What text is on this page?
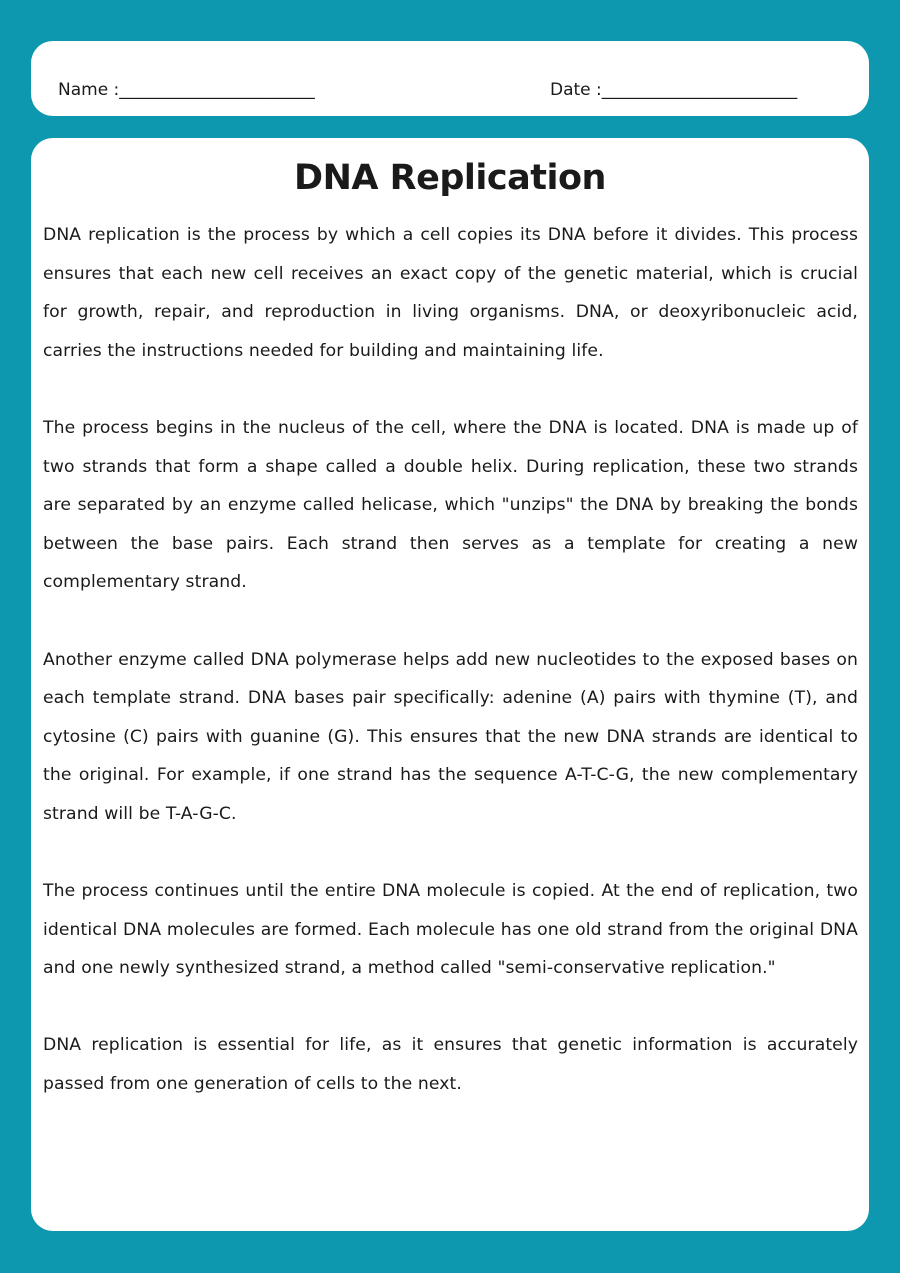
Name :_______________________	Date :_______________________
DNA Replication

DNA replication is the process by which a cell copies its DNA before it divides. This process ensures that each new cell receives an exact copy of the genetic material, which is crucial for growth, repair, and reproduction in living organisms. DNA, or deoxyribonucleic acid, carries the instructions needed for building and maintaining life.

The process begins in the nucleus of the cell, where the DNA is located. DNA is made up of two strands that form a shape called a double helix. During replication, these two strands are separated by an enzyme called helicase, which "unzips" the DNA by breaking the bonds between the base pairs. Each strand then serves as a template for creating a new complementary strand.

Another enzyme called DNA polymerase helps add new nucleotides to the exposed bases on each template strand. DNA bases pair specifically: adenine (A) pairs with thymine (T), and cytosine (C) pairs with guanine (G). This ensures that the new DNA strands are identical to the original. For example, if one strand has the sequence A-T-C-G, the new complementary strand will be T-A-G-C.

The process continues until the entire DNA molecule is copied. At the end of replication, two identical DNA molecules are formed. Each molecule has one old strand from the original DNA and one newly synthesized strand, a method called "semi-conservative replication."

DNA replication is essential for life, as it ensures that genetic information is accurately passed from one generation of cells to the next.
